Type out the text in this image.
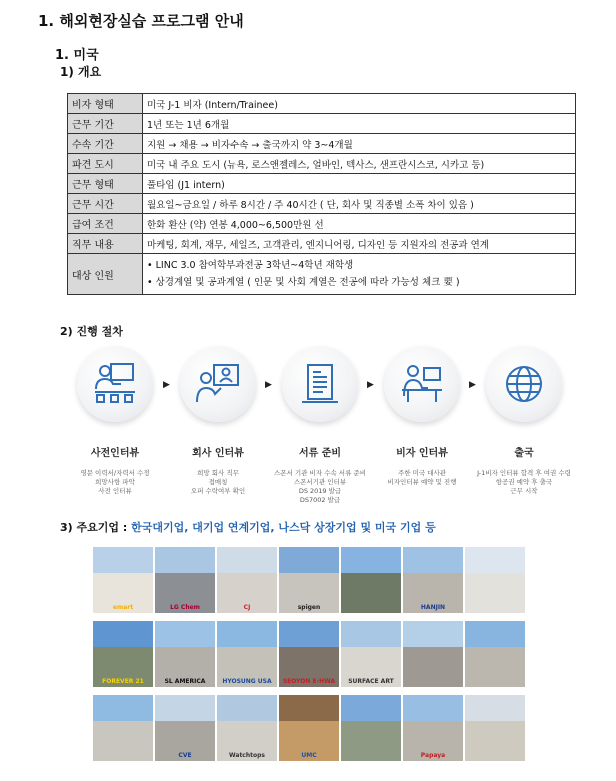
1. 해외현장실습 프로그램 안내
1. 미국
1) 개요
비자 형태	미국 J-1 비자 (Intern/Trainee)
근무 기간	1년 또는 1년 6개월
수속 기간	지원 → 채용 → 비자수속 → 출국까지 약 3~4개월
파견 도시	미국 내 주요 도시 (뉴욕, 로스앤젤레스, 얼바인, 텍사스, 샌프란시스코, 시카고 등)
근무 형태	풀타임 (J1 intern)
근무 시간	월요일~금요일 / 하루 8시간 / 주 40시간 ( 단, 회사 및 직종별 소폭 차이 있음 )
급여 조건	한화 환산 (약) 연봉 4,000~6,500만원 선
직무 내용	마케팅, 회계, 재무, 세일즈, 고객관리, 엔지니어링, 디자인 등 지원자의 전공과 연계
대상 인원	• LINC 3.0 참여학부과전공 3학년~4학년 재학생
• 상경계열 및 공과계열 ( 인문 및 사회 계열은 전공에 따라 가능성 체크 要 )
2) 진행 절차
사전인터뷰
영문 이력서/자력서 수정
희망사항 파악
사전 인터뷰
▶
회사 인터뷰
희망 회사 직무
접매칭
오퍼 수락여부 확인
▶
서류 준비
스폰서 기관 비자 수속 서류 준비
스폰서기관 인터뷰
DS 2019 발급
DS7002 발급
▶
비자 인터뷰
주한 미국 대사관
비자인터뷰 예약 및 진행
▶
출국
J-1비자 인터뷰 합격 후 여권 수령
항공권 예약 후 출국
근무 시작
3) 주요기업 : 한국대기업, 대기업 연계기업, 나스닥 상장기업 및 미국 기업 등
emart	LG Chem	CJ	spigen	HANJIN
FOREVER 21	SL AMERICA	HYOSUNG USA	SEOYON E-HWA	SURFACE ART
CVE	Watchtops	UMC	Papaya
